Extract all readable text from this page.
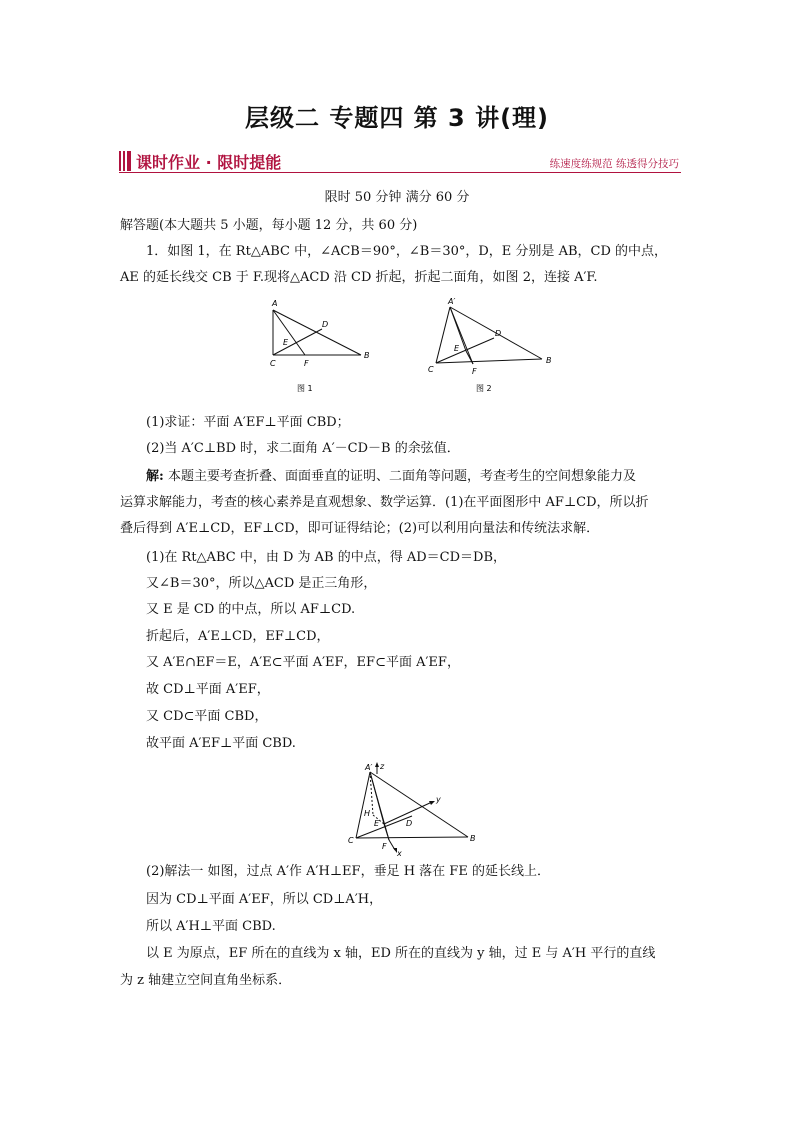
层级二 专题四 第 3 讲(理)
课时作业 · 限时提能	练速度练规范 练透得分技巧
限时 50 分钟 满分 60 分
解答题(本大题共 5 小题，每小题 12 分，共 60 分)
1．如图 1，在 Rt△ABC 中，∠ACB＝90°，∠B＝30°，D，E 分别是 AB，CD 的中点，
AE 的延长线交 CB 于 F.现将△ACD 沿 CD 折起，折起二面角，如图 2，连接 A′F.
A
D
E
C	F
B
图 1
A′
D
E
C	F
B
图 2
(1)求证：平面 A′EF⊥平面 CBD；
(2)当 A′C⊥BD 时，求二面角 A′－CD－B 的余弦值．
解: 本题主要考查折叠、面面垂直的证明、二面角等问题，考查考生的空间想象能力及
运算求解能力，考查的核心素养是直观想象、数学运算．(1)在平面图形中 AF⊥CD，所以折
叠后得到 A′E⊥CD，EF⊥CD，即可证得结论；(2)可以利用向量法和传统法求解．
(1)在 Rt△ABC 中，由 D 为 AB 的中点，得 AD＝CD＝DB，
又∠B＝30°，所以△ACD 是正三角形，
又 E 是 CD 的中点，所以 AF⊥CD.
折起后，A′E⊥CD，EF⊥CD，
又 A′E∩EF＝E，A′E⊂平面 A′EF，EF⊂平面 A′EF，
故 CD⊥平面 A′EF，
又 CD⊂平面 CBD，
故平面 A′EF⊥平面 CBD.
A′ z
y
D
H
E
C
F
x
B
(2)解法一 如图，过点 A′作 A′H⊥EF，垂足 H 落在 FE 的延长线上．
因为 CD⊥平面 A′EF，所以 CD⊥A′H，
所以 A′H⊥平面 CBD.
以 E 为原点，EF 所在的直线为 x 轴，ED 所在的直线为 y 轴，过 E 与 A′H 平行的直线
为 z 轴建立空间直角坐标系．
